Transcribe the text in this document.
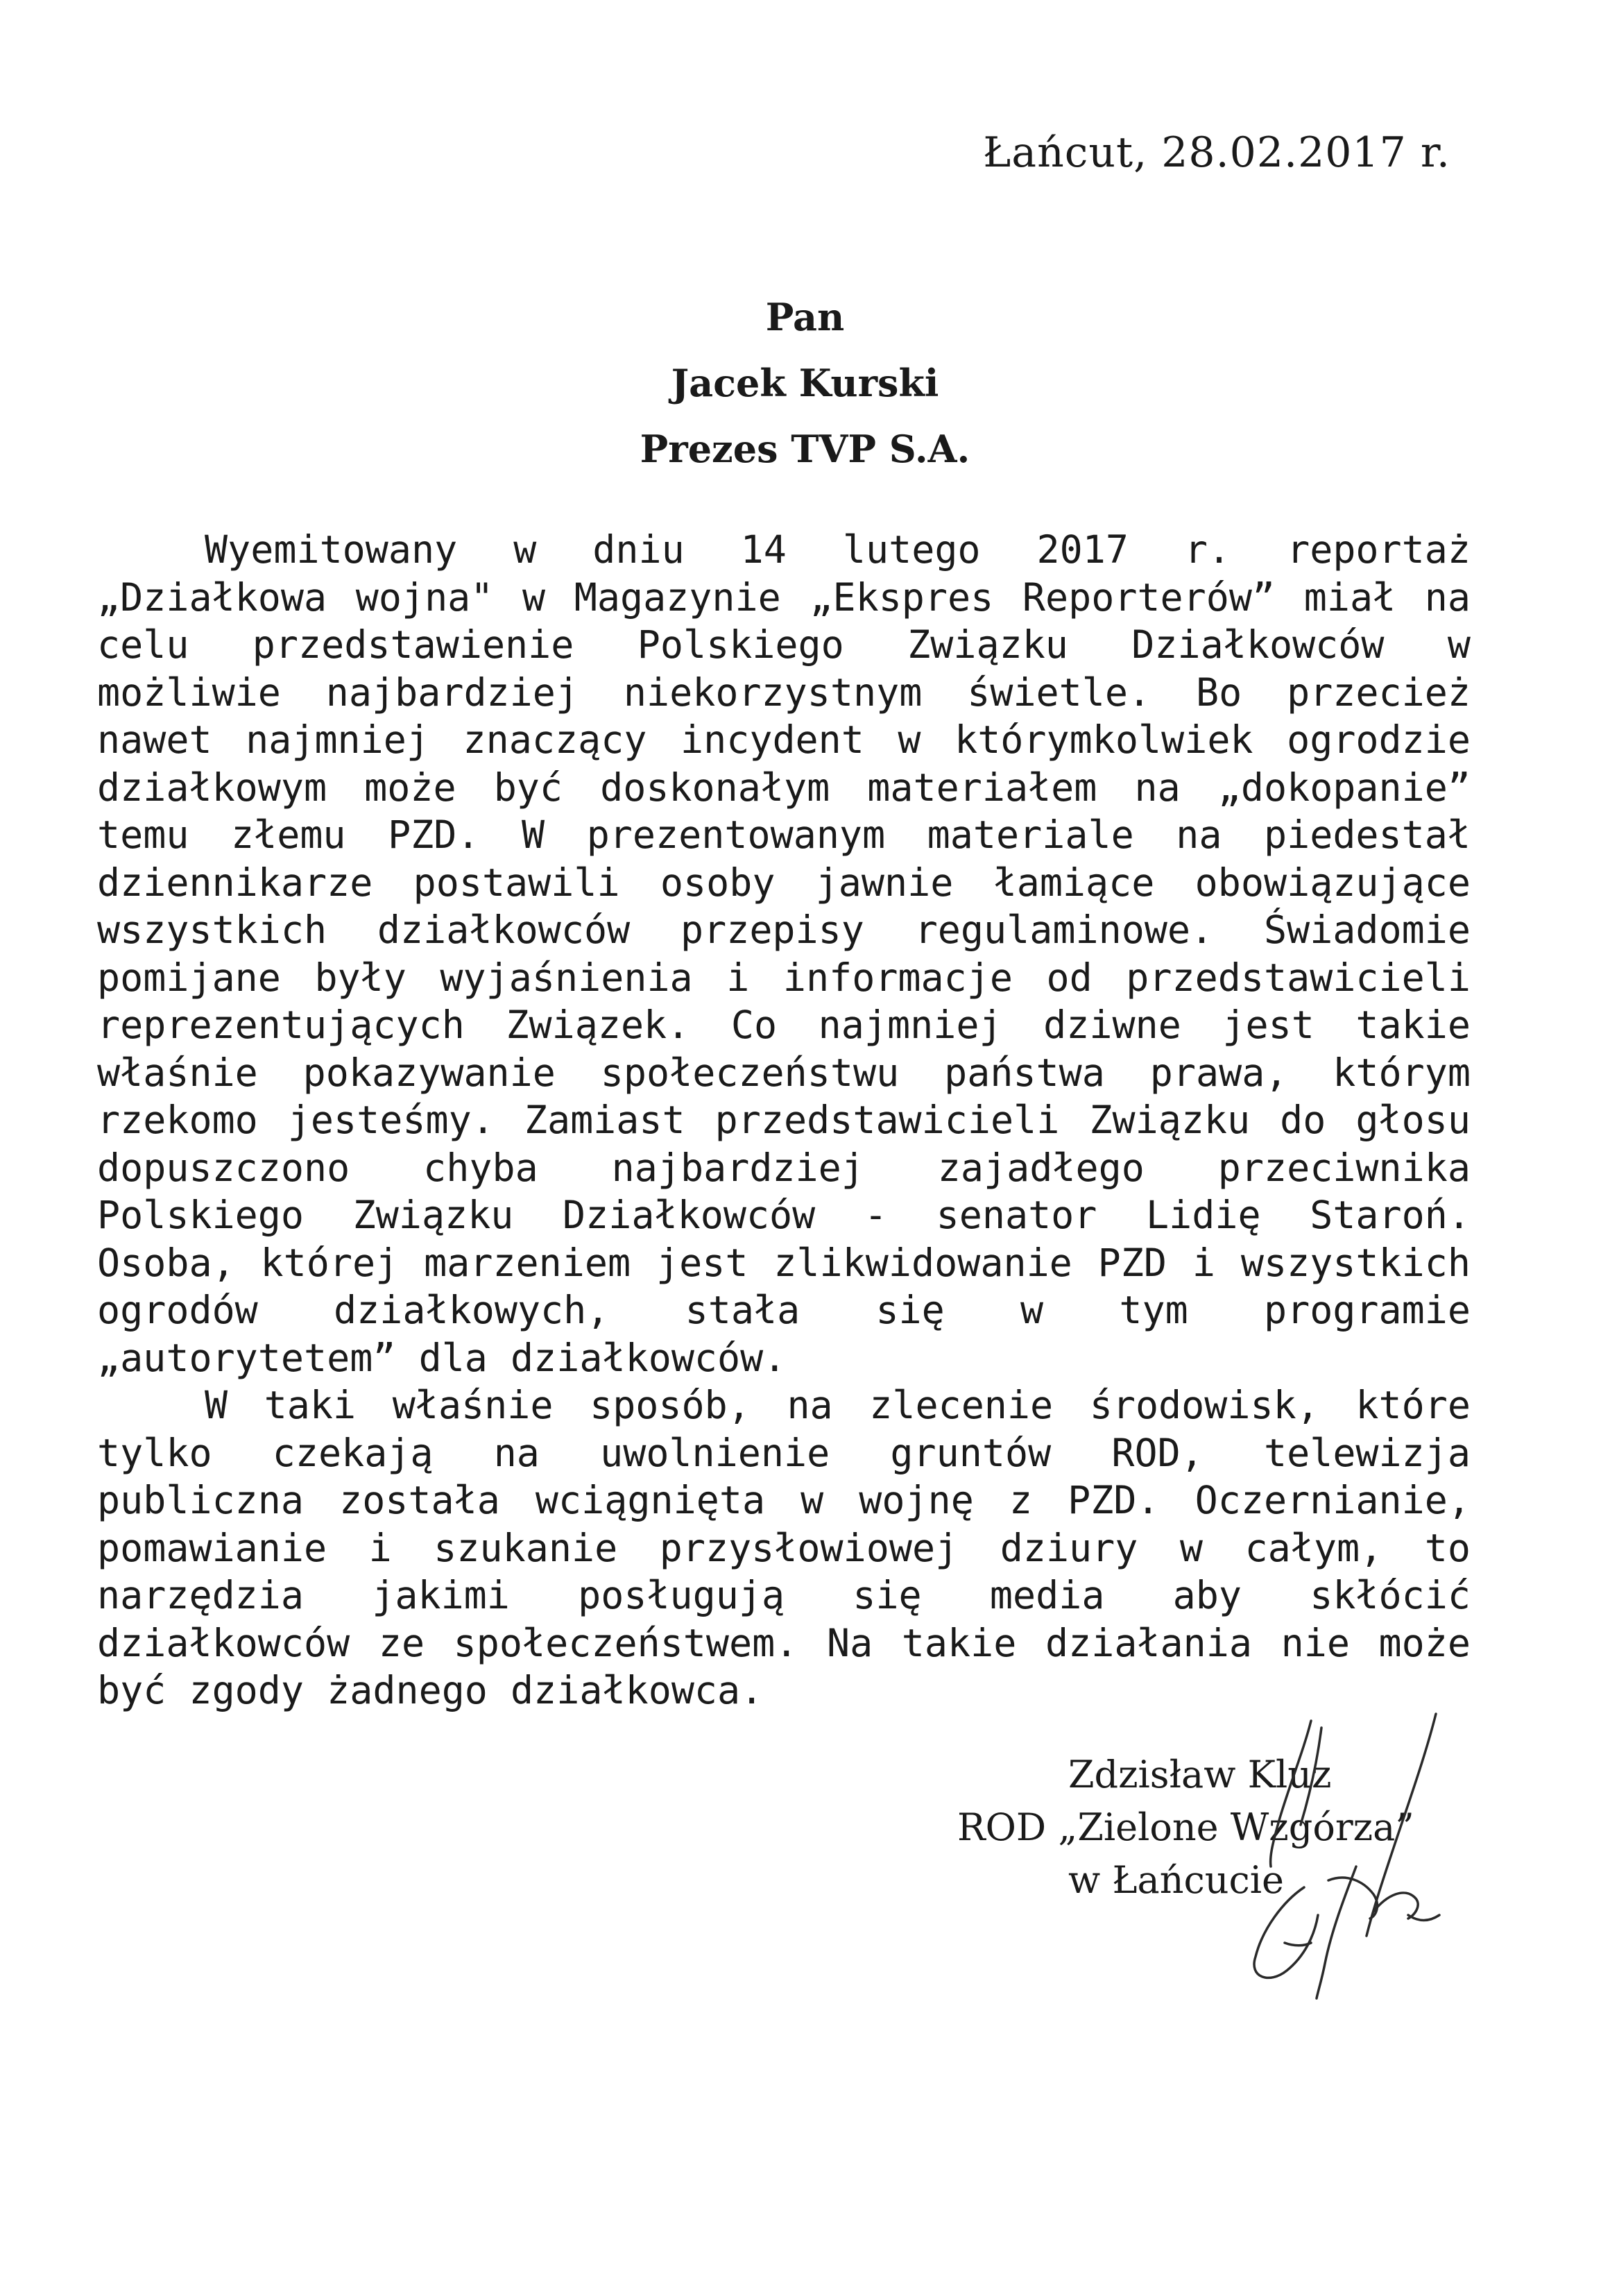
Łańcut, 28.02.2017 r.
Pan
Jacek Kurski
Prezes TVP S.A.

Wyemitowany w dniu 14 lutego 2017 r. reportaż „Działkowa wojna" w Magazynie „Ekspres Reporterów” miał na celu przedstawienie Polskiego Związku Działkowców w możliwie najbardziej niekorzystnym świetle. Bo przecież nawet najmniej znaczący incydent w którymkolwiek ogrodzie działkowym może być doskonałym materiałem na „dokopanie” temu złemu PZD. W prezentowanym materiale na piedestał dziennikarze postawili osoby jawnie łamiące obowiązujące wszystkich działkowców przepisy regulaminowe. Świadomie pomijane były wyjaśnienia i informacje od przedstawicieli reprezentujących Związek. Co najmniej dziwne jest takie właśnie pokazywanie społeczeństwu państwa prawa, którym rzekomo jesteśmy. Zamiast przedstawicieli Związku do głosu dopuszczono chyba najbardziej zajadłego przeciwnika Polskiego Związku Działkowców - senator Lidię Staroń. Osoba, której marzeniem jest zlikwidowanie PZD i wszystkich ogrodów działkowych, stała się w tym programie „autorytetem” dla działkowców.

W taki właśnie sposób, na zlecenie środowisk, które tylko czekają na uwolnienie gruntów ROD, telewizja publiczna została wciągnięta w wojnę z PZD. Oczernianie, pomawianie i szukanie przysłowiowej dziury w całym, to narzędzia jakimi posługują się media aby skłócić działkowców ze społeczeństwem. Na takie działania nie może być zgody żadnego działkowca.

Zdzisław Kluz
ROD „Zielone Wzgórza”
w Łańcucie
